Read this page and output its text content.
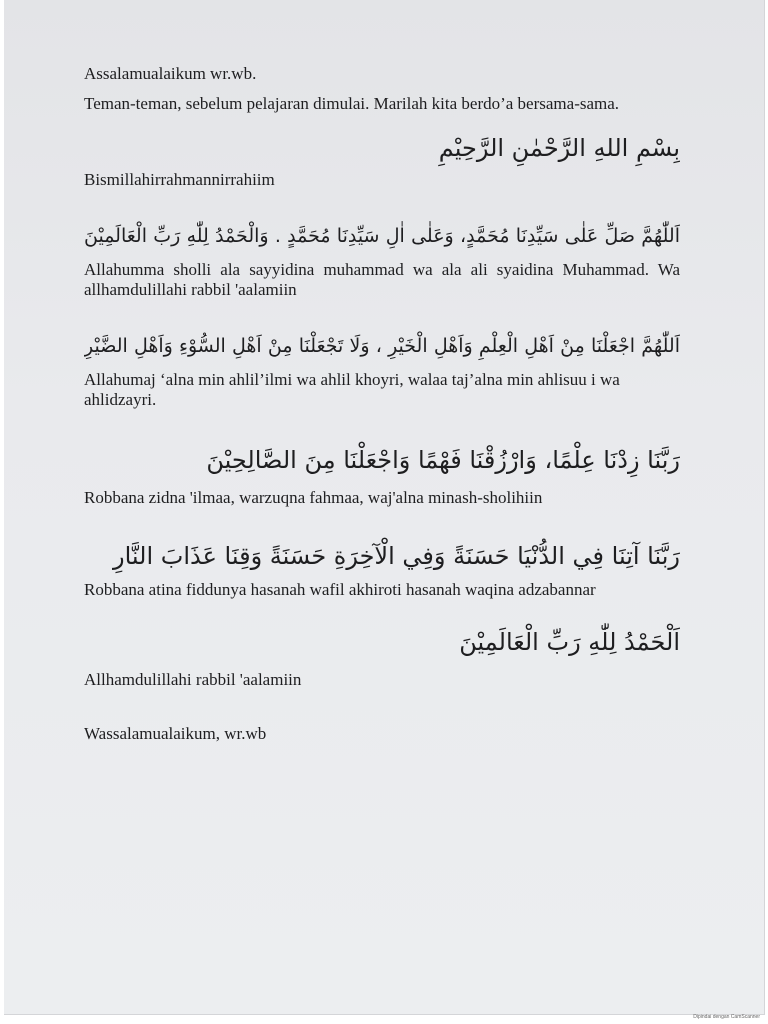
Assalamualaikum wr.wb.

Teman-teman, sebelum pelajaran dimulai. Marilah kita berdo’a bersama-sama.

بِسْمِ اللهِ الرَّحْمٰنِ الرَّحِيْمِ

Bismillahirrahmannirrahiim

اَللّٰهُمَّ صَلِّ عَلٰى سَيِّدِنَا مُحَمَّدٍ، وَعَلٰى اٰلِ سَيِّدِنَا مُحَمَّدٍ . وَالْحَمْدُ لِلّٰهِ رَبِّ الْعَالَمِيْنَ

Allahumma sholli ala sayyidina muhammad wa ala ali syaidina Muhammad. Wa allhamdulillahi rabbil 'aalamiin

اَللّٰهُمَّ اجْعَلْنَا مِنْ اَهْلِ الْعِلْمِ وَاَهْلِ الْخَيْرِ ، وَلَا تَجْعَلْنَا مِنْ اَهْلِ السُّوْءِ وَاَهْلِ الضَّيْرِ

Allahumaj ‘alna min ahlil’ilmi wa ahlil khoyri, walaa taj’alna min ahlisuu i wa ahlidzayri.

رَبَّنَا زِدْنَا عِلْمًا، وَارْزُقْنَا فَهْمًا وَاجْعَلْنَا مِنَ الصَّالِحِيْنَ

Robbana zidna 'ilmaa, warzuqna fahmaa, waj'alna minash-sholihiin

رَبَّنَا آتِنَا فِي الدُّنْيَا حَسَنَةً وَفِي الْآخِرَةِ حَسَنَةً وَقِنَا عَذَابَ النَّارِ

Robbana atina fiddunya hasanah wafil akhiroti hasanah waqina adzabannar

اَلْحَمْدُ لِلّٰهِ رَبِّ الْعَالَمِيْنَ

Allhamdulillahi rabbil 'aalamiin

Wassalamualaikum, wr.wb

Dipindai dengan CamScanner
